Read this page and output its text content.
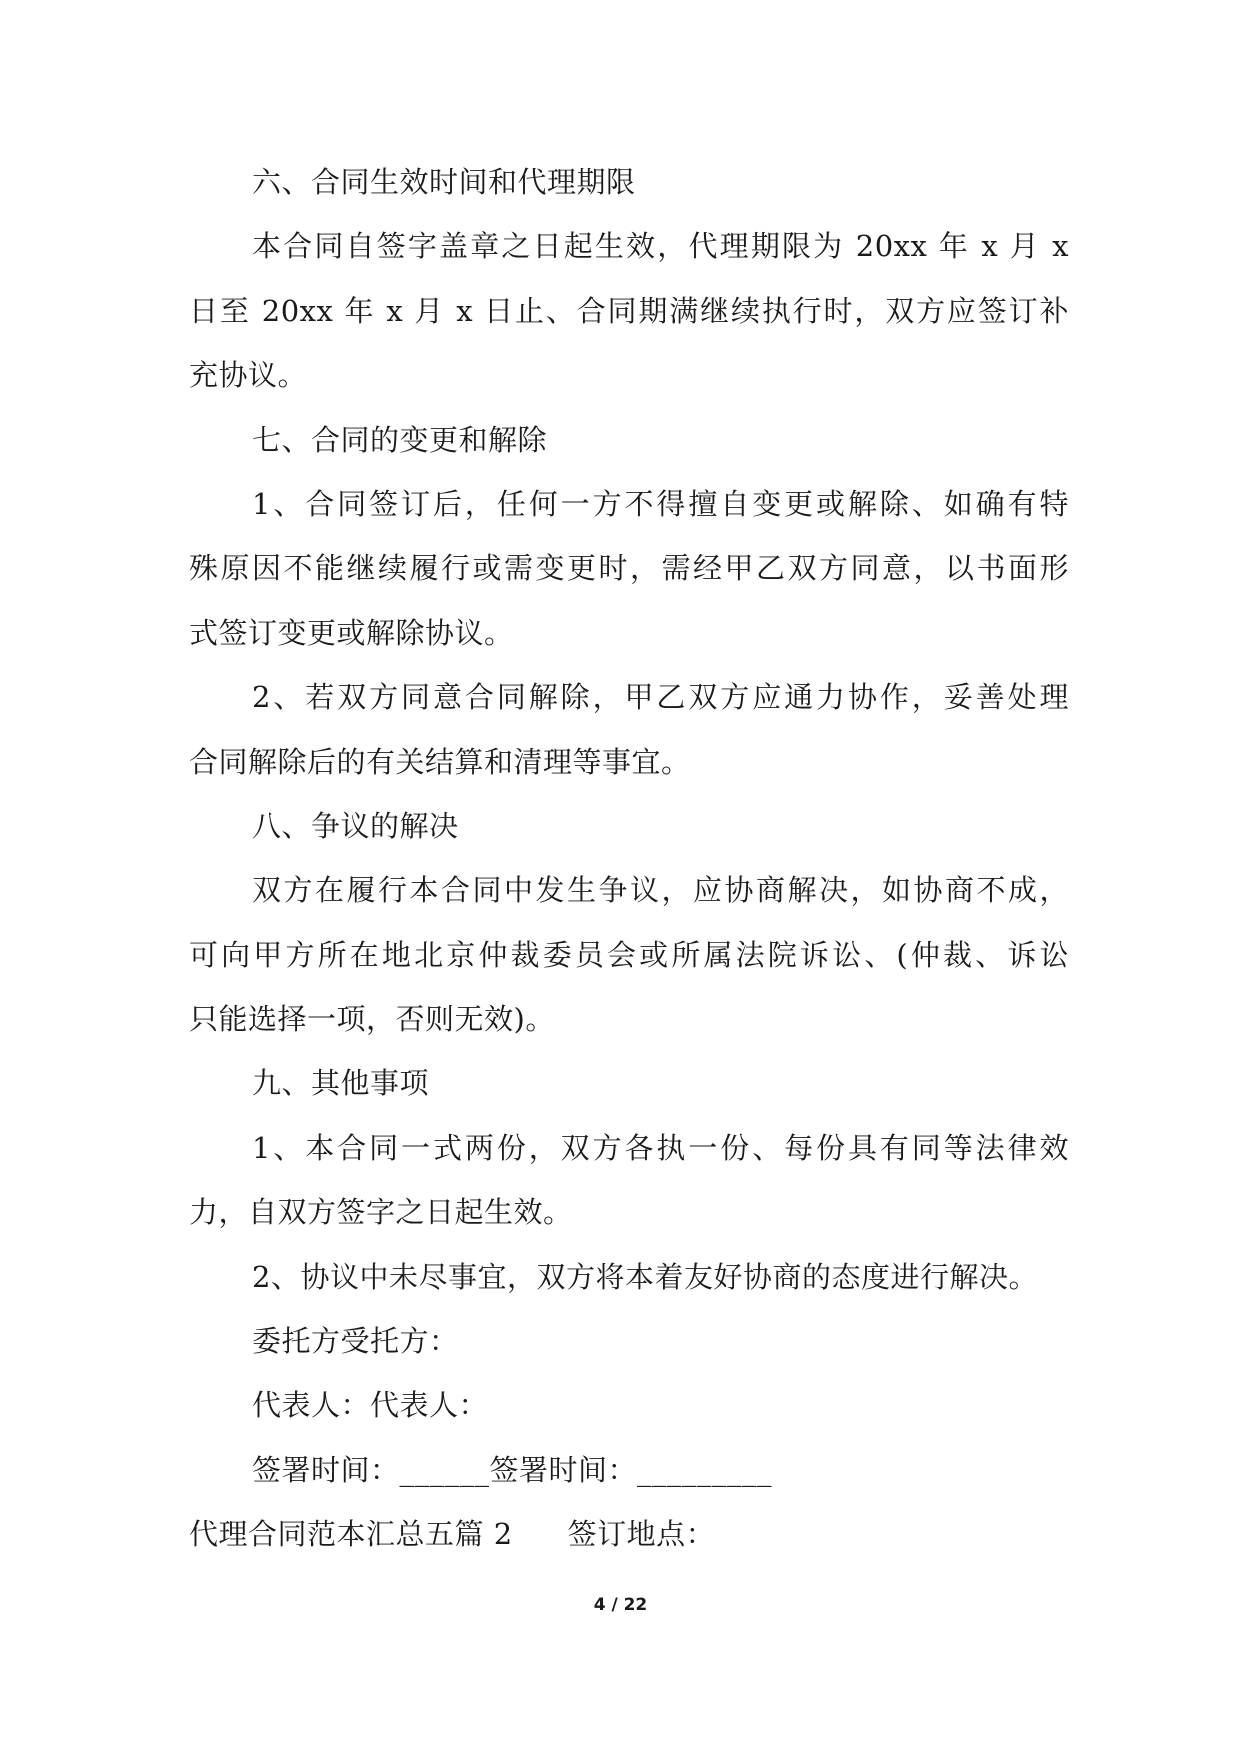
六、合同生效时间和代理期限
本合同自签字盖章之日起生效，代理期限为 20xx 年 x 月 x
日至 20xx 年 x 月 x 日止、合同期满继续执行时，双方应签订补
充协议。
七、合同的变更和解除
1、合同签订后，任何一方不得擅自变更或解除、如确有特
殊原因不能继续履行或需变更时，需经甲乙双方同意，以书面形
式签订变更或解除协议。
2、若双方同意合同解除，甲乙双方应通力协作，妥善处理
合同解除后的有关结算和清理等事宜。
八、争议的解决
双方在履行本合同中发生争议，应协商解决，如协商不成，
可向甲方所在地北京仲裁委员会或所属法院诉讼、(仲裁、诉讼
只能选择一项，否则无效)。
九、其他事项
1、本合同一式两份，双方各执一份、每份具有同等法律效
力，自双方签字之日起生效。
2、协议中未尽事宜，双方将本着友好协商的态度进行解决。
委托方受托方：
代表人：代表人：
签署时间：______签署时间：_________
代理合同范本汇总五篇 2 签订地点：
4 / 22
